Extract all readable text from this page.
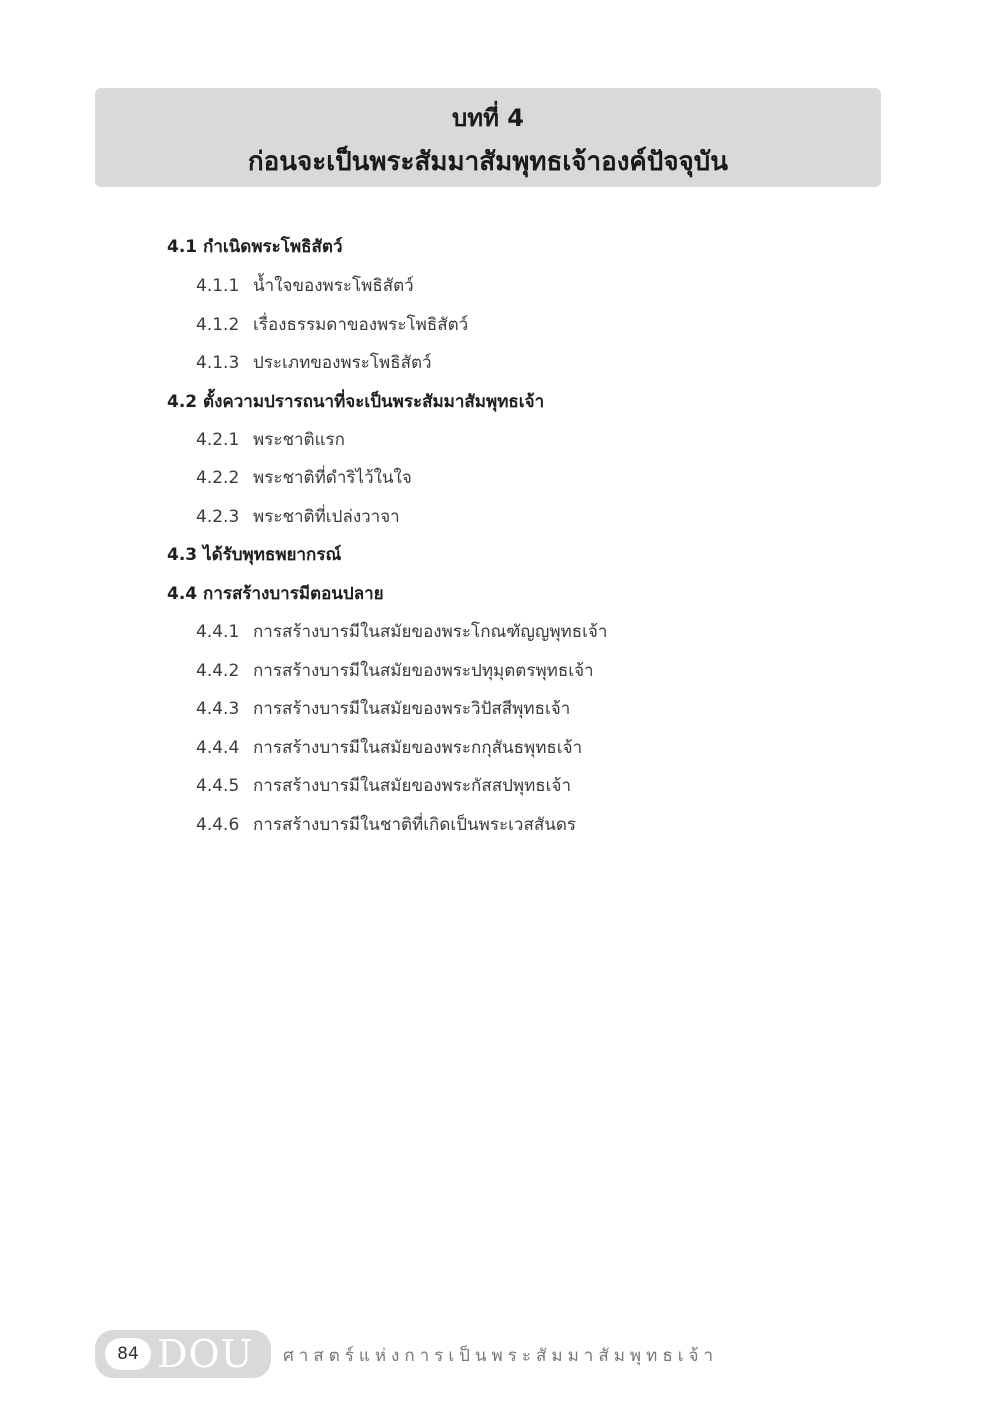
บทที่ 4
ก่อนจะเป็นพระสัมมาสัมพุทธเจ้าองค์ปัจจุบัน
4.1 กำเนิดพระโพธิสัตว์
4.1.1 น้ำใจของพระโพธิสัตว์
4.1.2 เรื่องธรรมดาของพระโพธิสัตว์
4.1.3 ประเภทของพระโพธิสัตว์
4.2 ตั้งความปรารถนาที่จะเป็นพระสัมมาสัมพุทธเจ้า
4.2.1 พระชาติแรก
4.2.2 พระชาติที่ดำริไว้ในใจ
4.2.3 พระชาติที่เปล่งวาจา
4.3 ได้รับพุทธพยากรณ์
4.4 การสร้างบารมีตอนปลาย
4.4.1 การสร้างบารมีในสมัยของพระโกณฑัญญพุทธเจ้า
4.4.2 การสร้างบารมีในสมัยของพระปทุมุตตรพุทธเจ้า
4.4.3 การสร้างบารมีในสมัยของพระวิปัสสีพุทธเจ้า
4.4.4 การสร้างบารมีในสมัยของพระกกุสันธพุทธเจ้า
4.4.5 การสร้างบารมีในสมัยของพระกัสสปพุทธเจ้า
4.4.6 การสร้างบารมีในชาติที่เกิดเป็นพระเวสสันดร
84 DOU ศาสตร์แห่งการเป็นพระสัมมาสัมพุทธเจ้า
